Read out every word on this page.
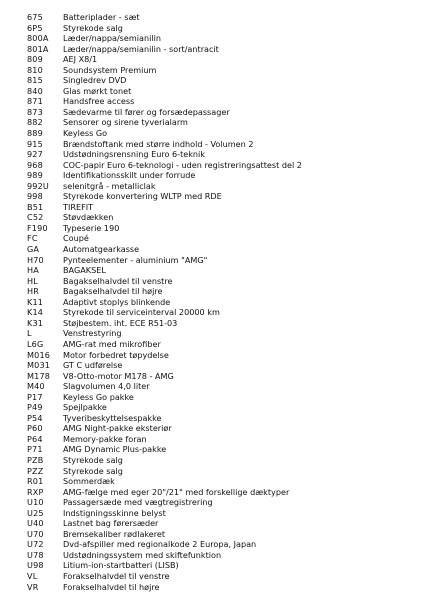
675	Batteriplader - sæt
6P5	Styrekode salg
800A	Læder/nappa/semianilin
801A	Læder/nappa/semianilin - sort/antracit
809	AEJ X8/1
810	Soundsystem Premium
815	Singledrev DVD
840	Glas mørkt tonet
871	Handsfree access
873	Sædevarme til fører og forsædepassager
882	Sensorer og sirene tyverialarm
889	Keyless Go
915	Brændstoftank med større indhold - Volumen 2
927	Udstødningsrensning Euro 6-teknik
968	COC-papir Euro 6-teknologi - uden registreringsattest del 2
989	Identifikationsskilt under forrude
992U	selenitgrå - metalliclak
998	Styrekode konvertering WLTP med RDE
B51	TIREFIT
C52	Støvdækken
F190	Typeserie 190
FC	Coupé
GA	Automatgearkasse
H70	Pynteelementer - aluminium "AMG"
HA	BAGAKSEL
HL	Bagakselhalvdel til venstre
HR	Bagakselhalvdel til højre
K11	Adaptivt stoplys blinkende
K14	Styrekode til serviceinterval 20000 km
K31	Støjbestem. iht. ECE R51-03
L	Venstrestyring
L6G	AMG-rat med mikrofiber
M016	Motor forbedret tøpydelse
M031	GT C udførelse
M178	V8-Otto-motor M178 - AMG
M40	Slagvolumen 4,0 liter
P17	Keyless Go pakke
P49	Spejlpakke
P54	Tyveribeskyttelsespakke
P60	AMG Night-pakke eksteriør
P64	Memory-pakke foran
P71	AMG Dynamic Plus-pakke
PZB	Styrekode salg
PZZ	Styrekode salg
R01	Sommerdæk
RXP	AMG-fælge med eger 20"/21" med forskellige dæktyper
U10	Passagersæde med vægtregistrering
U25	Indstigningsskinne belyst
U40	Lastnet bag førersæder
U70	Bremsekaliber rødlakeret
U72	Dvd-afspiller med regionalkode 2 Europa, Japan
U78	Udstødningssystem med skiftefunktion
U98	Litium-ion-startbatteri (LISB)
VL	Forakselhalvdel til venstre
VR	Forakselhalvdel til højre
